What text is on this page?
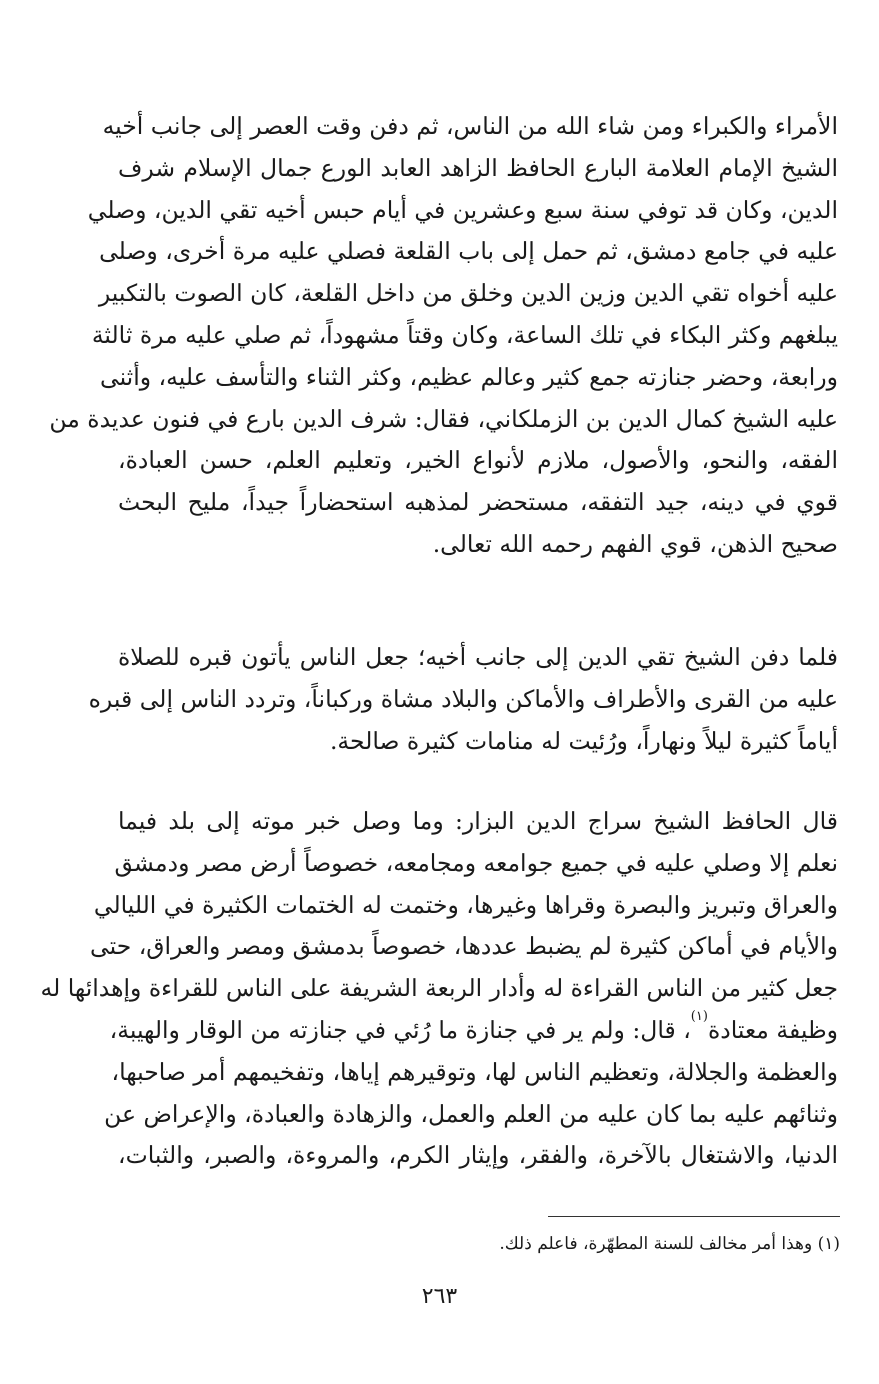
الأمراء والكبراء ومن شاء الله من الناس، ثم دفن وقت العصر إلى جانب أخيه
الشيخ الإمام العلامة البارع الحافظ الزاهد العابد الورع جمال الإسلام شرف
الدين، وكان قد توفي سنة سبع وعشرين في أيام حبس أخيه تقي الدين، وصلي
عليه في جامع دمشق، ثم حمل إلى باب القلعة فصلي عليه مرة أخرى، وصلى
عليه أخواه تقي الدين وزين الدين وخلق من داخل القلعة، كان الصوت بالتكبير
يبلغهم وكثر البكاء في تلك الساعة، وكان وقتاً مشهوداً، ثم صلي عليه مرة ثالثة
ورابعة، وحضر جنازته جمع كثير وعالم عظيم، وكثر الثناء والتأسف عليه، وأثنى
عليه الشيخ كمال الدين بن الزملكاني، فقال: شرف الدين بارع في فنون عديدة من
الفقه، والنحو، والأصول، ملازم لأنواع الخير، وتعليم العلم، حسن العبادة،
قوي في دينه، جيد التفقه، مستحضر لمذهبه استحضاراً جيداً، مليح البحث
صحيح الذهن، قوي الفهم رحمه الله تعالى.
فلما دفن الشيخ تقي الدين إلى جانب أخيه؛ جعل الناس يأتون قبره للصلاة
عليه من القرى والأطراف والأماكن والبلاد مشاة وركباناً، وتردد الناس إلى قبره
أياماً كثيرة ليلاً ونهاراً، ورُئيت له منامات كثيرة صالحة.
قال الحافظ الشيخ سراج الدين البزار: وما وصل خبر موته إلى بلد فيما
نعلم إلا وصلي عليه في جميع جوامعه ومجامعه، خصوصاً أرض مصر ودمشق
والعراق وتبريز والبصرة وقراها وغيرها، وختمت له الختمات الكثيرة في الليالي
والأيام في أماكن كثيرة لم يضبط عددها، خصوصاً بدمشق ومصر والعراق، حتى
جعل كثير من الناس القراءة له وأدار الربعة الشريفة على الناس للقراءة وإهدائها له
وظيفة معتادة$^{(١)}$، قال: ولم ير في جنازة ما رُئي في جنازته من الوقار والهيبة،
والعظمة والجلالة، وتعظيم الناس لها، وتوقيرهم إياها، وتفخيمهم أمر صاحبها،
وثنائهم عليه بما كان عليه من العلم والعمل، والزهادة والعبادة، والإعراض عن
الدنيا، والاشتغال بالآخرة، والفقر، وإيثار الكرم، والمروءة، والصبر، والثبات،
(١) وهذا أمر مخالف للسنة المطهّرة، فاعلم ذلك.
٢٦٣
